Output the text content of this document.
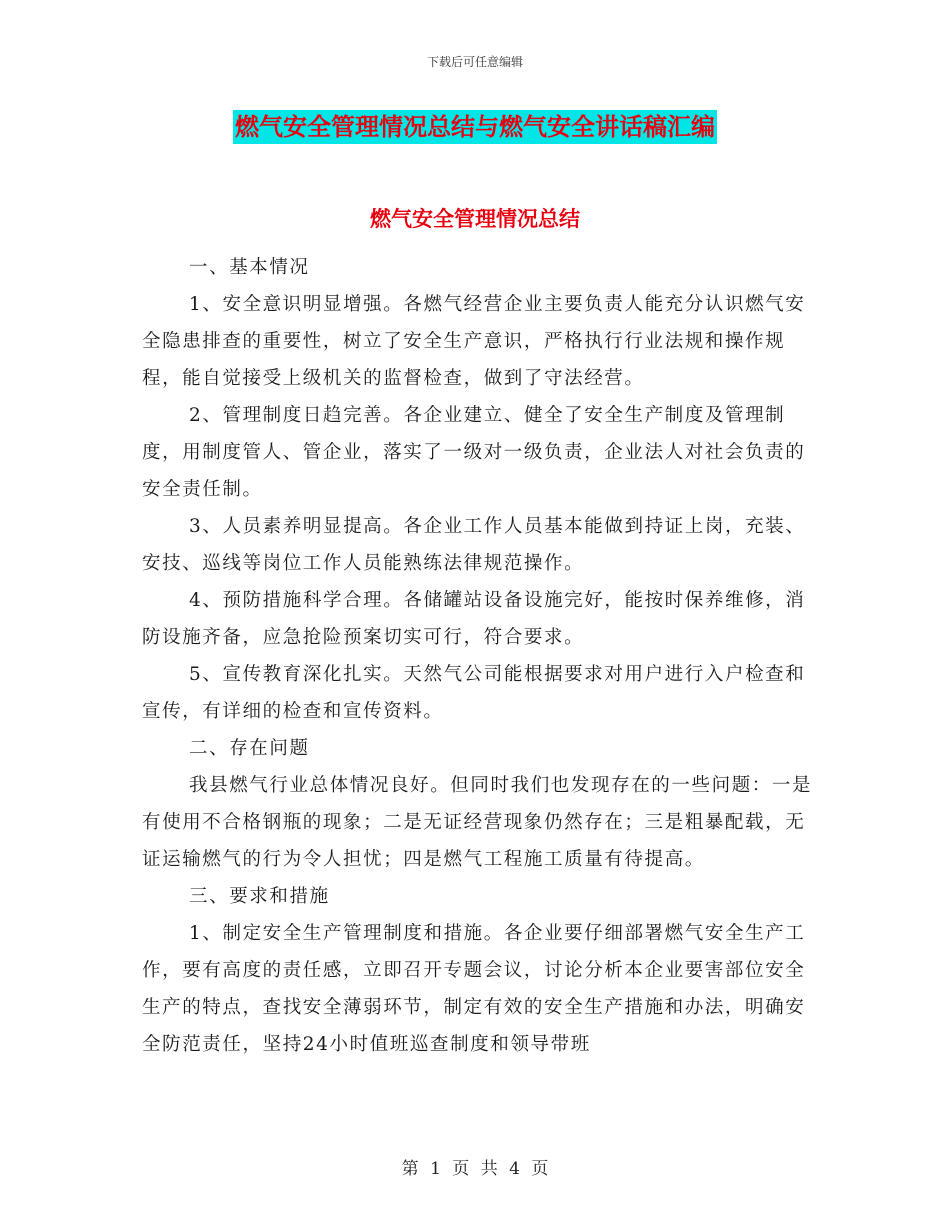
下载后可任意编辑
燃气安全管理情况总结与燃气安全讲话稿汇编
燃气安全管理情况总结

一、基本情况

1、安全意识明显增强。各燃气经营企业主要负责人能充分认识燃气安全隐患排查的重要性，树立了安全生产意识，严格执行行业法规和操作规程，能自觉接受上级机关的监督检查，做到了守法经营。

2、管理制度日趋完善。各企业建立、健全了安全生产制度及管理制度，用制度管人、管企业，落实了一级对一级负责，企业法人对社会负责的安全责任制。

3、人员素养明显提高。各企业工作人员基本能做到持证上岗，充装、安技、巡线等岗位工作人员能熟练法律规范操作。

4、预防措施科学合理。各储罐站设备设施完好，能按时保养维修，消防设施齐备，应急抢险预案切实可行，符合要求。

5、宣传教育深化扎实。天然气公司能根据要求对用户进行入户检查和宣传，有详细的检查和宣传资料。

二、存在问题

我县燃气行业总体情况良好。但同时我们也发现存在的一些问题：一是有使用不合格钢瓶的现象；二是无证经营现象仍然存在；三是粗暴配载，无证运输燃气的行为令人担忧；四是燃气工程施工质量有待提高。

三、要求和措施

1、制定安全生产管理制度和措施。各企业要仔细部署燃气安全生产工作，要有高度的责任感，立即召开专题会议，讨论分析本企业要害部位安全生产的特点，查找安全薄弱环节，制定有效的安全生产措施和办法，明确安全防范责任，坚持24小时值班巡查制度和领导带班

第 1 页 共 4 页
